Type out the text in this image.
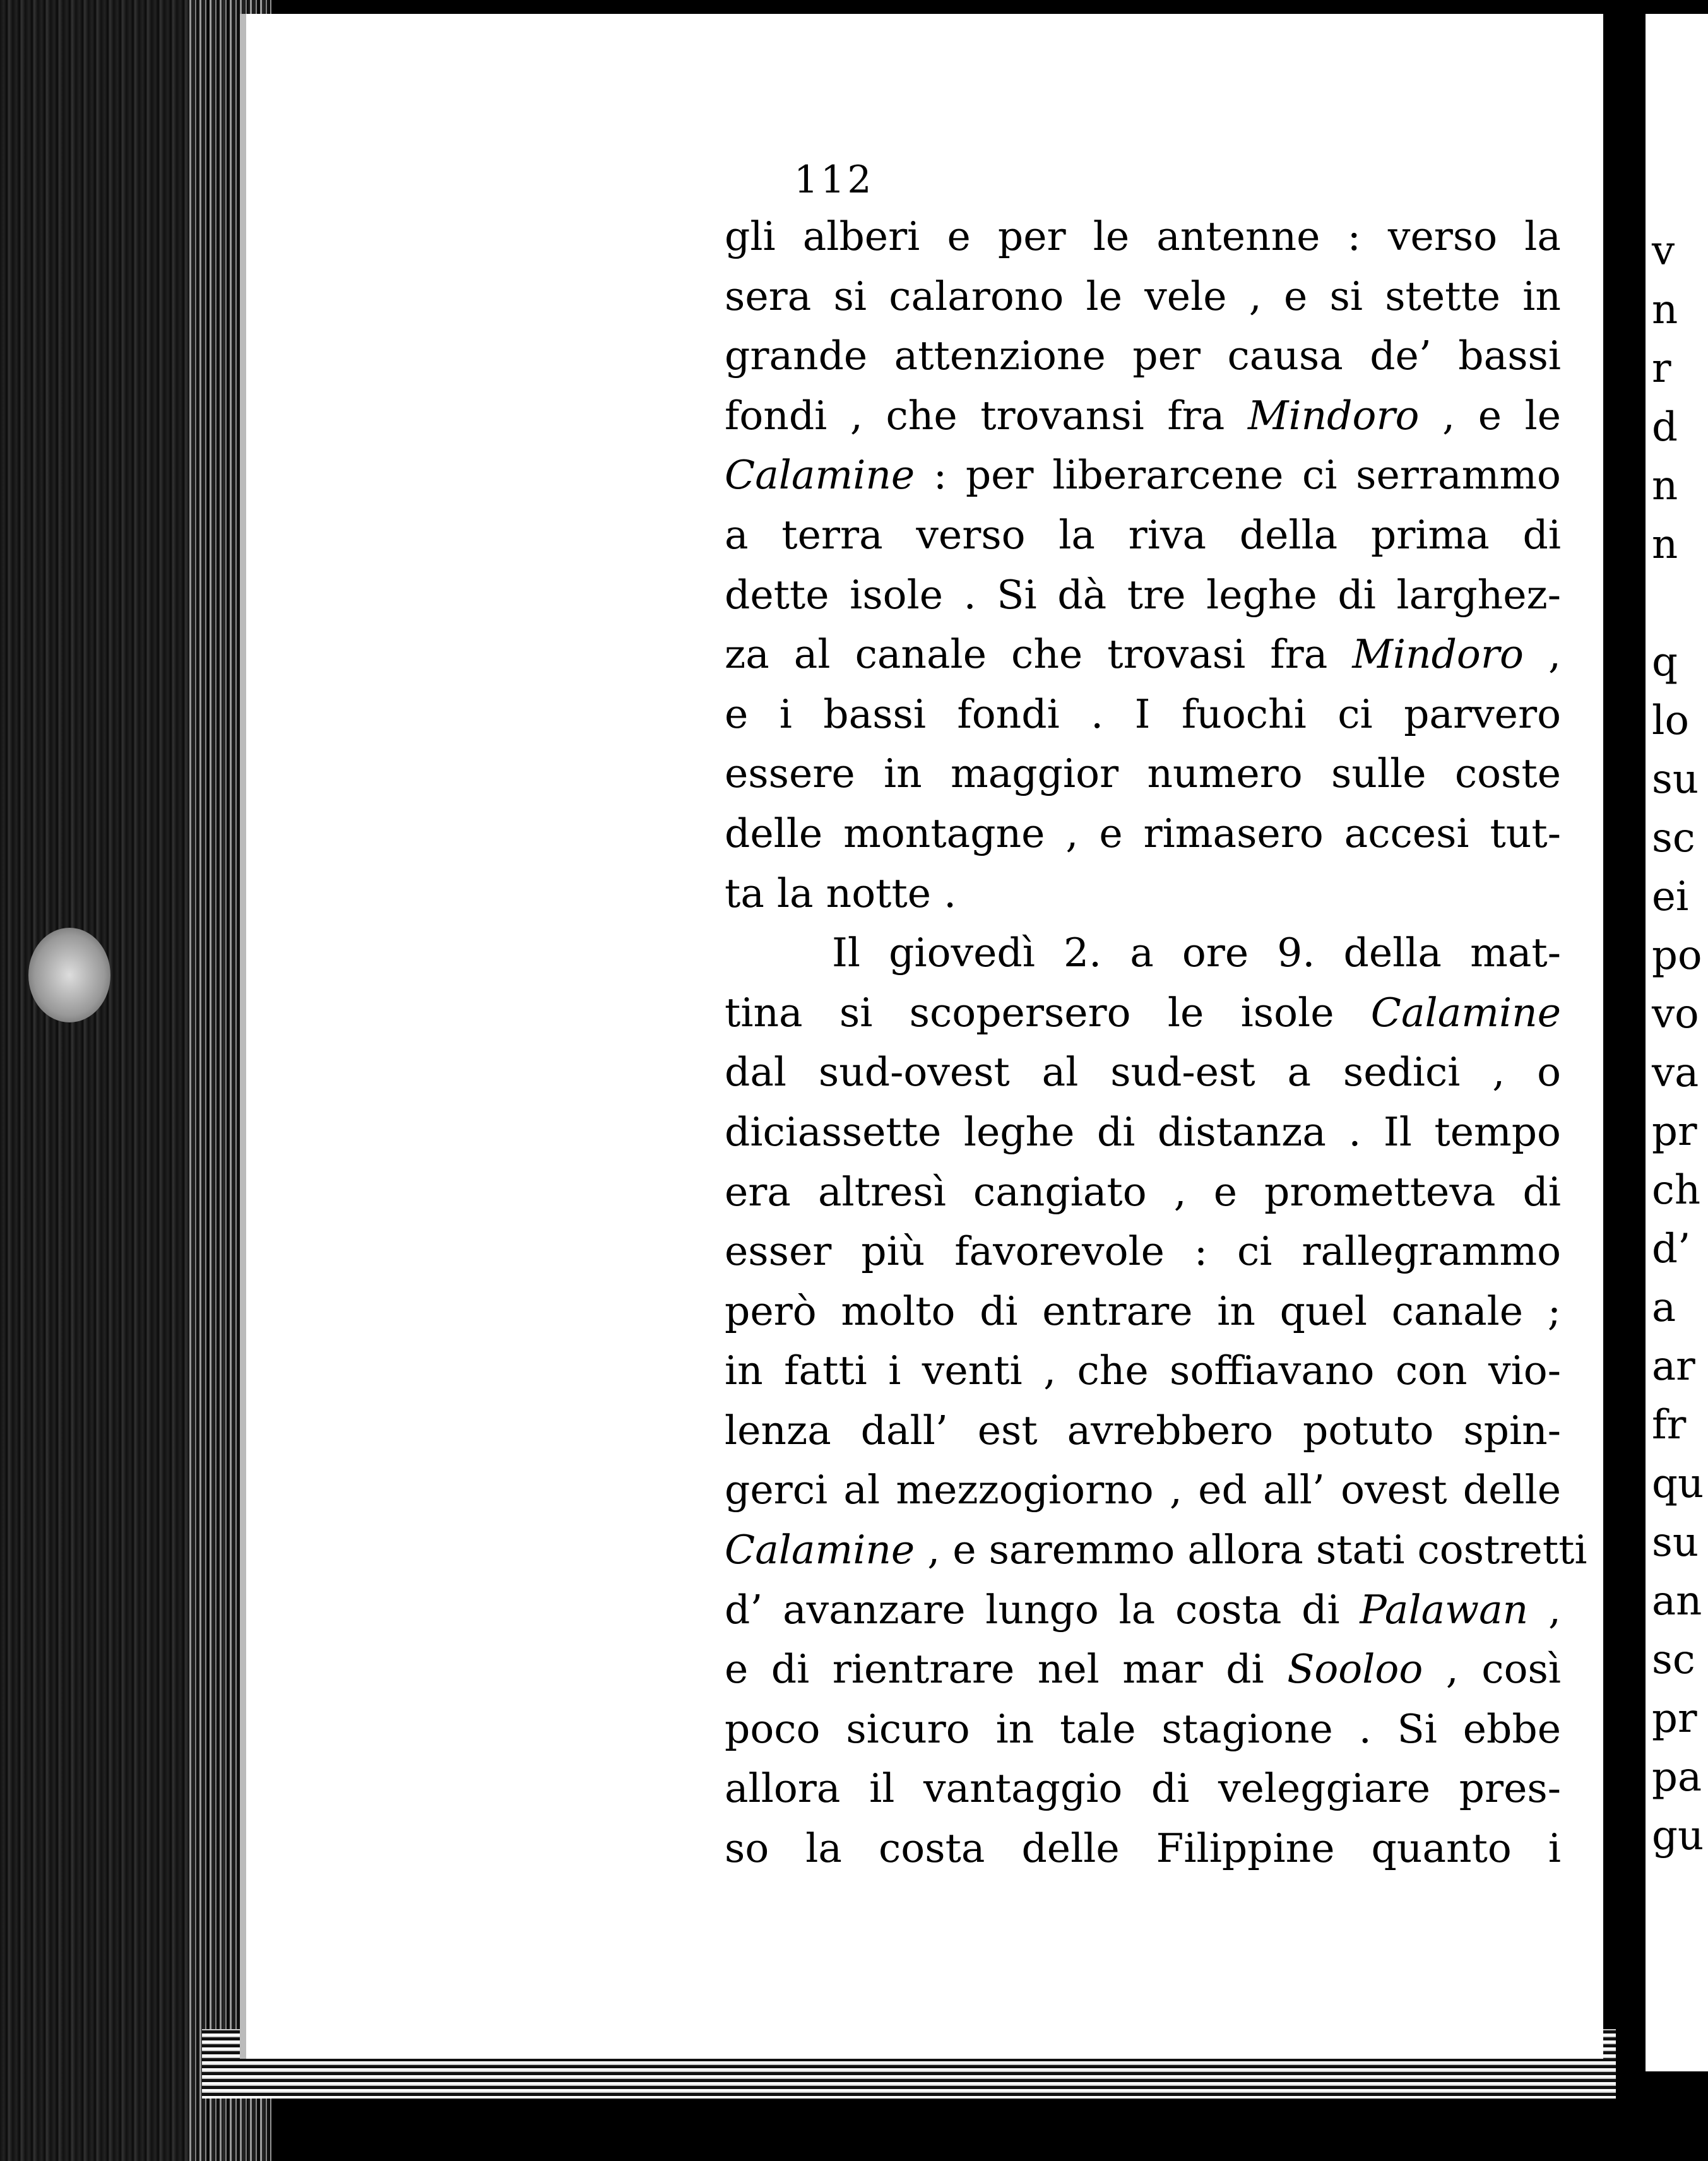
112
gli alberi e per le antenne : verso la
sera si calarono le vele , e si stette in
grande attenzione per causa de’ bassi
fondi , che trovansi fra Mindoro , e le
Calamine : per liberarcene ci serrammo
a terra verso la riva della prima di
dette isole . Si dà tre leghe di larghez-
za al canale che trovasi fra Mindoro ,
e i bassi fondi . I fuochi ci parvero
essere in maggior numero sulle coste
delle montagne , e rimasero accesi tut-
ta la notte .
Il giovedì 2. a ore 9. della mat-
tina si scopersero le isole Calamine
dal sud-ovest al sud-est a sedici , o
diciassette leghe di distanza . Il tempo
era altresì cangiato , e prometteva di
esser più favorevole : ci rallegrammo
però molto di entrare in quel canale ;
in fatti i venti , che soffiavano con vio-
lenza dall’ est avrebbero potuto spin-
gerci al mezzogiorno , ed all’ ovest delle
Calamine , e saremmo allora stati costretti
d’ avanzare lungo la costa di Palawan ,
e di rientrare nel mar di Sooloo , così
poco sicuro in tale stagione . Si ebbe
allora il vantaggio di veleggiare pres-
so la costa delle Filippine quanto i
v
n
r
d
n
n
q
lo
su
sc
ei
po
vo
va
pr
ch
d’
a
ar
fr
qu
su
an
sc
pr
pa
gu
